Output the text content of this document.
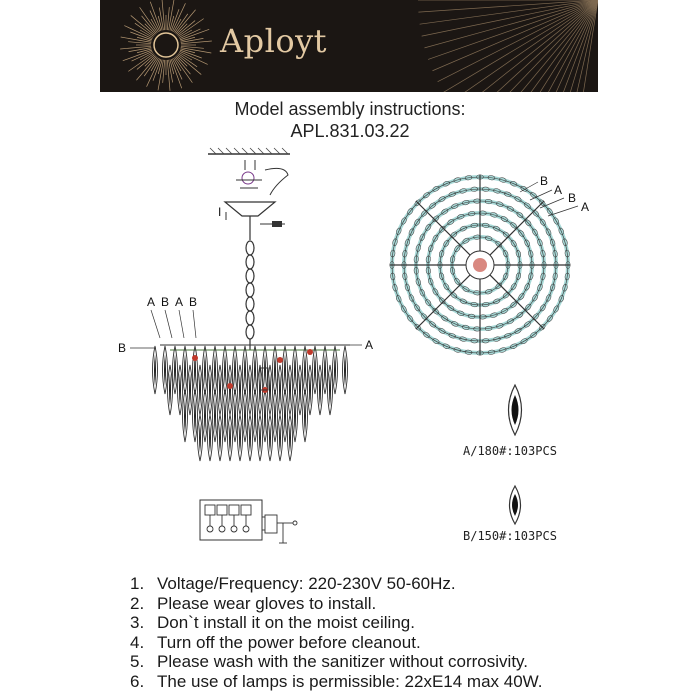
Aployt
Model assembly instructions:
APL.831.03.22
I
A B A B
B	A
B
A
B
A
A/180#:103PCS
B/150#:103PCS
1. Voltage/Frequency: 220-230V 50-60Hz.
2. Please wear gloves to install.
3. Don`t install it on the moist ceiling.
4. Turn off the power before cleanout.
5. Please wash with the sanitizer without corrosivity.
6. The use of lamps is permissible: 22xE14 max 40W.
